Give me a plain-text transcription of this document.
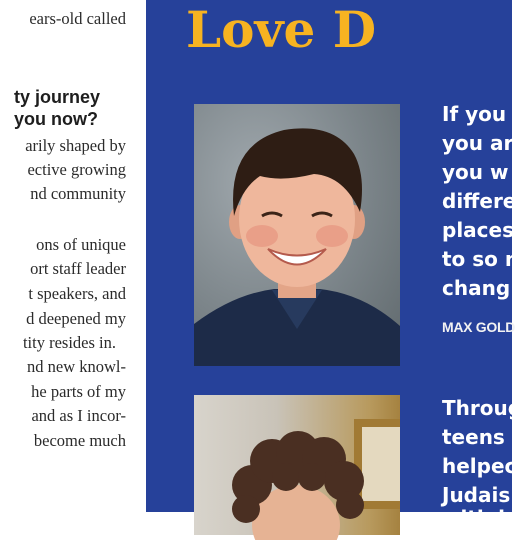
ears-old called
ty journey
you now?
arily shaped by
ective growing
nd community
ons of unique
ort staff leader
t speakers, and
d deepened my
tity resides in.
nd new knowl-
he parts of my
and as I incor-
become much
If you
you ar
you w
differe
places
to so n
chang
MAX GOLD
Throug
teens r
helpec
Judais
with l
Love D
